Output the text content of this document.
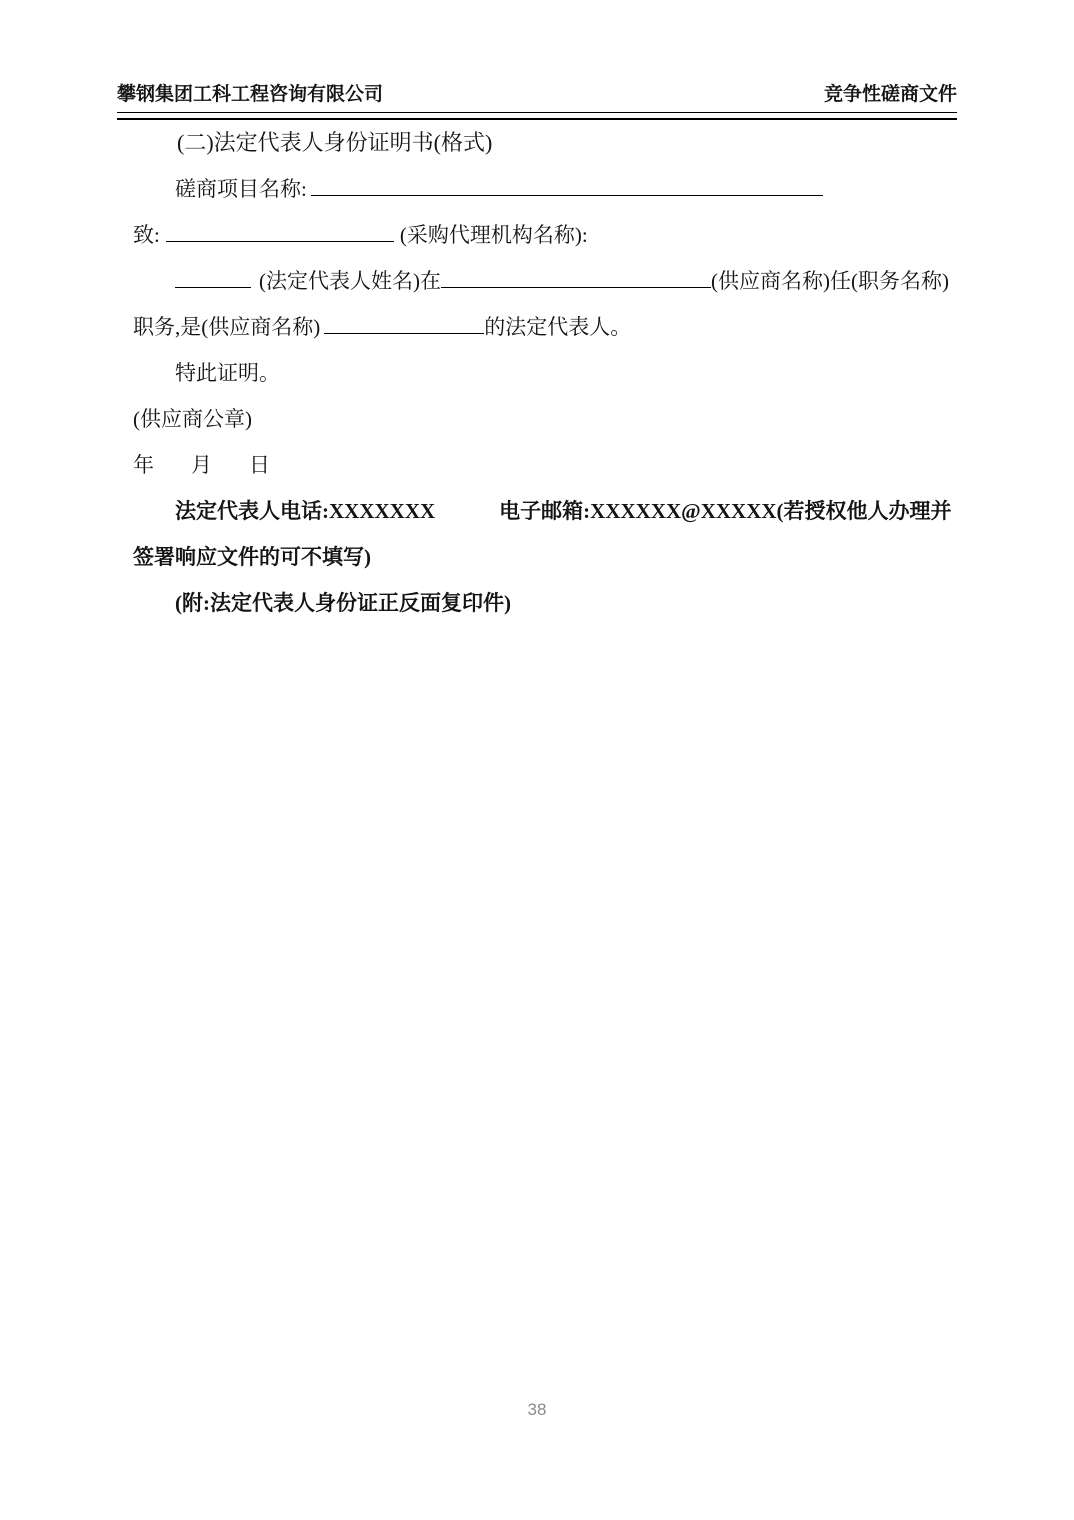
攀钢集团工科工程咨询有限公司	竞争性磋商文件

(二)法定代表人身份证明书(格式)

磋商项目名称:

致:	(采购代理机构名称):

(法定代表人姓名)在	(供应商名称)任(职务名称)职务,是(供应商名称)	的法定代表人。

特此证明。

(供应商公章)

年 月 日

法定代表人电话:XXXXXXX	电子邮箱:XXXXXX@XXXXX(若授权他人办理并签署响应文件的可不填写)

(附:法定代表人身份证正反面复印件)

38
